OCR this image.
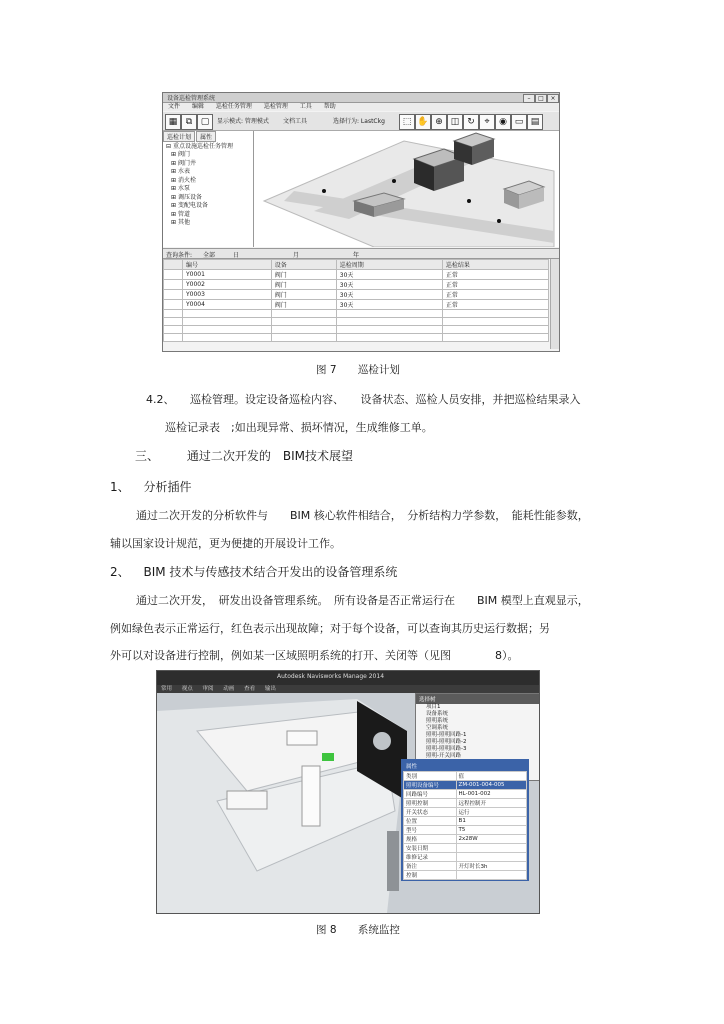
设备巡检管理系统	–	□	×
文件 编辑 巡检任务管理 巡检管理 工具 帮助
▦ ⧉ ▢	显示模式: 管理模式 文档工具	选择行为: LastCkg	⬚ ✋ ⊕ ◫ ↻	⌖	◉ ▭ ▤
巡检计划 属性
⊟ 重点设施巡检任务管理
⊞ 阀门
⊞ 阀门井
⊞ 水表
⊞ 消火栓
⊞ 水泵
⊞ 调压设备
⊞ 变配电设备
⊞ 管道
⊞ 其他
查询条件: 全部	日	月	年
	编号	设备	巡检周期	巡检结果
	Y0001	阀门	30天	正常
	Y0002	阀门	30天	正常
	Y0003	阀门	30天	正常
	Y0004	阀门	30天	正常

图 7 巡检计划
4.2、 巡检管理。设定设备巡检内容、　　设备状态、巡检人员安排，并把巡检结果录入
巡检记录表　;如出现异常、损坏情况，生成维修工单。
三、 通过二次开发的　BIM技术展望
1、 分析插件
通过二次开发的分析软件与　　BIM 核心软件相结合，　分析结构力学参数，　能耗性能参数，
辅以国家设计规范，更为便捷的开展设计工作。
2、 BIM 技术与传感技术结合开发出的设备管理系统
通过二次开发，　研发出设备管理系统。　所有设备是否正常运行在　　BIM 模型上直观显示，
例如绿色表示正常运行，红色表示出现故障；对于每个设备，可以查询其历史运行数据；另
外可以对设备进行控制，例如某一区域照明系统的打开、关闭等（见图　　　　8）。
Autodesk Navisworks Manage 2014
常用 视点 审阅 动画 查看 输出
选择树
项目1
设备系统
照明系统
空调系统
照明-照明回路-1
照明-照明回路-2
照明-照明回路-3
照明-开关回路
属性
类别	值
照明设备编号	ZM-001-004-005
回路编号	HL-001-002
照明控制	远程控制开
开关状态	运行
位置	B1
型号	T5
规格	2x28W
安装日期	
维修记录	
备注	开灯时长3h
控制	
图 8 系统监控
